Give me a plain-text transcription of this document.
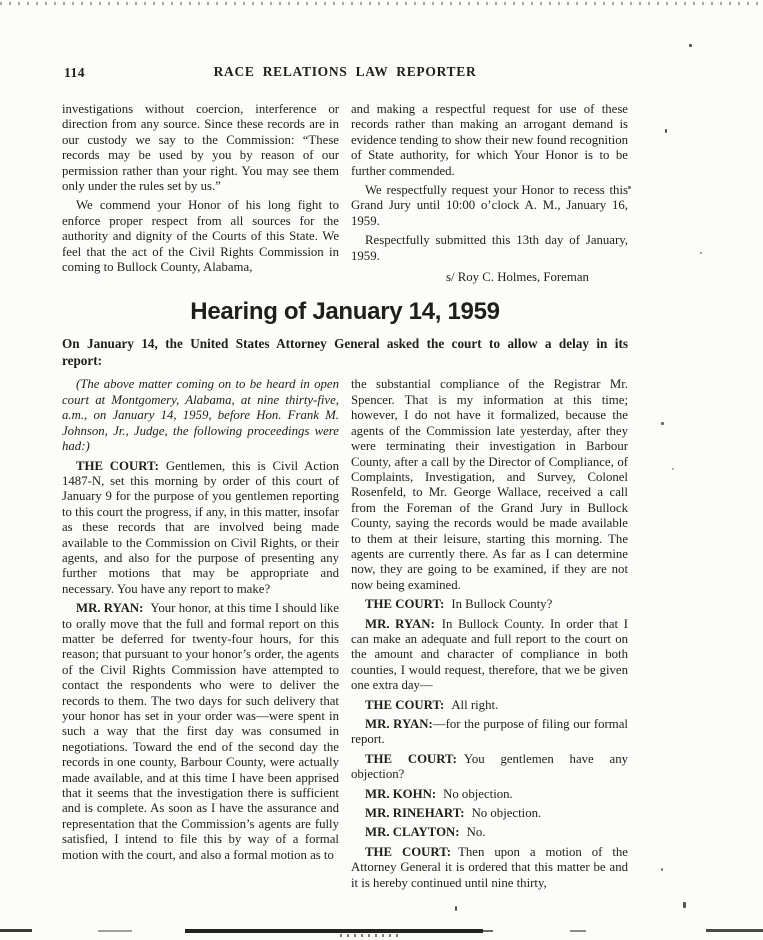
114	RACE RELATIONS LAW REPORTER

investigations without coercion, interference or direction from any source. Since these records are in our custody we say to the Commission: “These records may be used by you by reason of our permission rather than your right. You may see them only under the rules set by us.”

We commend your Honor of his long fight to enforce proper respect from all sources for the authority and dignity of the Courts of this State. We feel that the act of the Civil Rights Commission in coming to Bullock County, Alabama,

and making a respectful request for use of these records rather than making an arrogant demand is evidence tending to show their new found recognition of State authority, for which Your Honor is to be further commended.

We respectfully request your Honor to recess this Grand Jury until 10:00 o’clock A. M., January 16, 1959.

Respectfully submitted this 13th day of January, 1959.

s/ Roy C. Holmes, Foreman

Hearing of January 14, 1959

On January 14, the United States Attorney General asked the court to allow a delay in its report:

(The above matter coming on to be heard in open court at Montgomery, Alabama, at nine thirty-five, a.m., on January 14, 1959, before Hon. Frank M. Johnson, Jr., Judge, the following proceedings were had:)

THE COURT: Gentlemen, this is Civil Action 1487-N, set this morning by order of this court of January 9 for the purpose of you gentlemen reporting to this court the progress, if any, in this matter, insofar as these records that are involved being made available to the Commission on Civil Rights, or their agents, and also for the purpose of presenting any further motions that may be appropriate and necessary. You have any report to make?

MR. RYAN: Your honor, at this time I should like to orally move that the full and formal report on this matter be deferred for twenty-four hours, for this reason; that pursuant to your honor’s order, the agents of the Civil Rights Commission have attempted to contact the respondents who were to deliver the records to them. The two days for such delivery that your honor has set in your order was—were spent in such a way that the first day was consumed in negotiations. Toward the end of the second day the records in one county, Barbour County, were actually made available, and at this time I have been apprised that it seems that the investigation there is sufficient and is complete. As soon as I have the assurance and representation that the Commission’s agents are fully satisfied, I intend to file this by way of a formal motion with the court, and also a formal motion as to

the substantial compliance of the Registrar Mr. Spencer. That is my information at this time; however, I do not have it formalized, because the agents of the Commission late yesterday, after they were terminating their investigation in Barbour County, after a call by the Director of Compliance, of Complaints, Investigation, and Survey, Colonel Rosenfeld, to Mr. George Wallace, received a call from the Foreman of the Grand Jury in Bullock County, saying the records would be made available to them at their leisure, starting this morning. The agents are currently there. As far as I can determine now, they are going to be examined, if they are not now being examined.

THE COURT: In Bullock County?

MR. RYAN: In Bullock County. In order that I can make an adequate and full report to the court on the amount and character of compliance in both counties, I would request, therefore, that we be given one extra day—

THE COURT: All right.

MR. RYAN:—for the purpose of filing our formal report.

THE COURT: You gentlemen have any objection?

MR. KOHN: No objection.

MR. RINEHART: No objection.

MR. CLAYTON: No.

THE COURT: Then upon a motion of the Attorney General it is ordered that this matter be and it is hereby continued until nine thirty,
